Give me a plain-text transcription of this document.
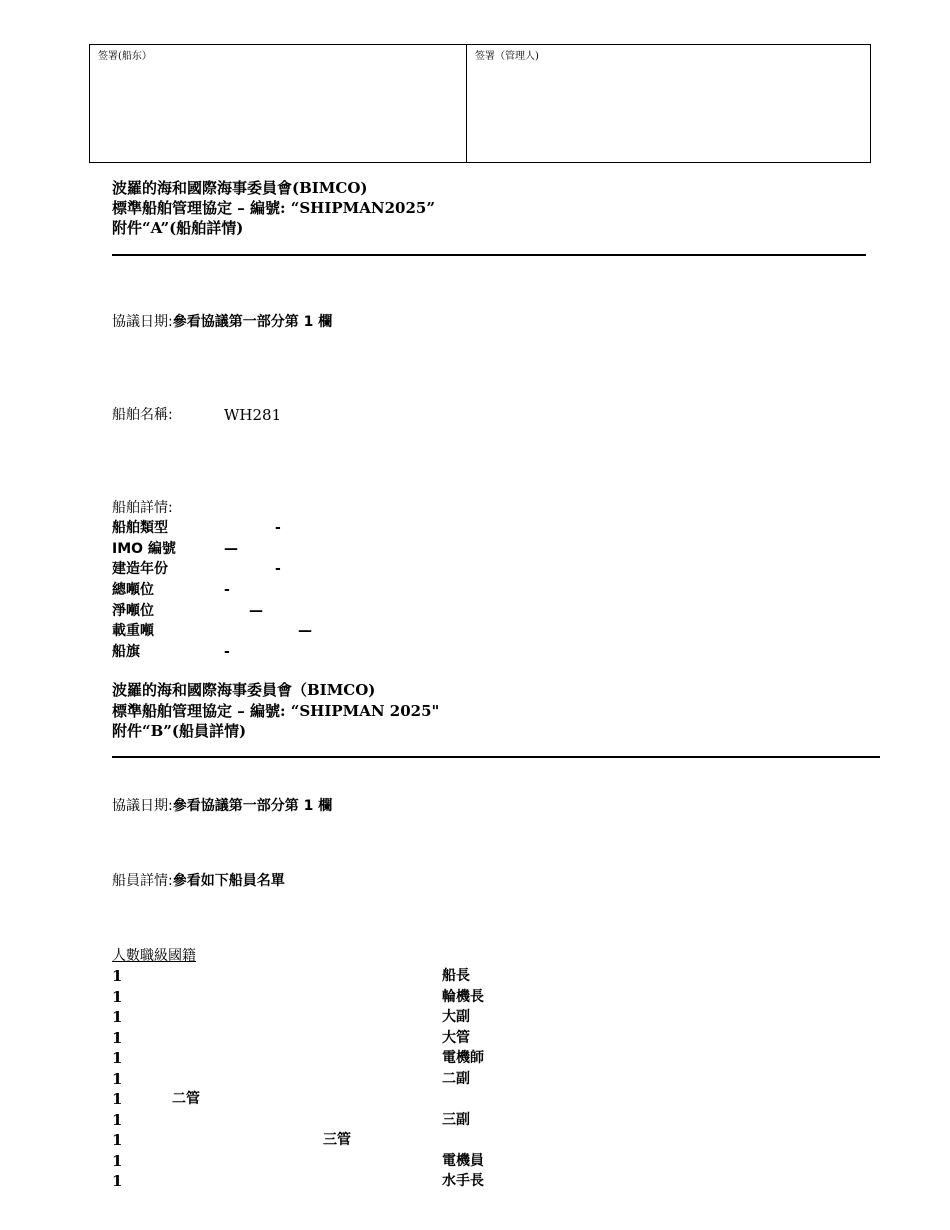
签署(船东）	签署（管理人)
波羅的海和國際海事委員會(BIMCO)
標準船舶管理協定 – 編號: “SHIPMAN2025”
附件“A”(船舶詳情)
協議日期:參看協議第一部分第 1 欄
船舶名稱:	WH281
船舶詳情:
船舶類型	-
IMO 編號	—
建造年份	-
總噸位	-
淨噸位	—
載重噸	—
船旗	-
波羅的海和國際海事委員會（BIMCO)
標準船舶管理協定 – 編號: “SHIPMAN 2025"
附件“B”(船員詳情)
協議日期:參看協議第一部分第 1 欄
船員詳情:參看如下船員名單
人數職級國籍
1	船長
1	輪機長
1	大副
1	大管
1	電機師
1	二副
1	二管
1	三副
1	三管
1	電機員
1	水手長
